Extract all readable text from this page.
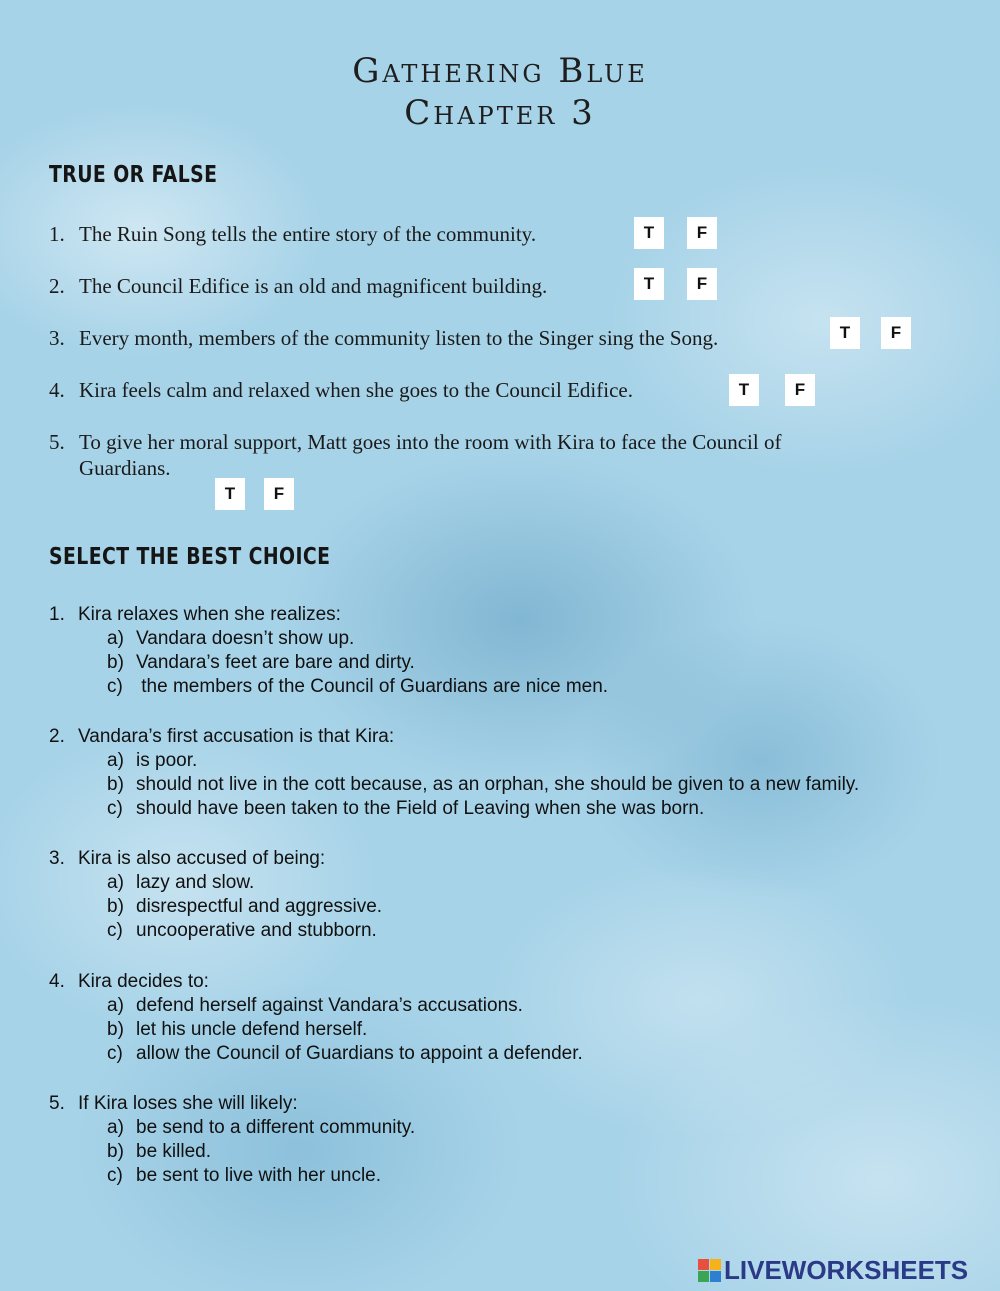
Gathering Blue
Chapter 3
TRUE OR FALSE
1. The Ruin Song tells the entire story of the community.	T	F
2. The Council Edifice is an old and magnificent building.	T	F
3. Every month, members of the community listen to the Singer sing the Song.	T	F
4. Kira feels calm and relaxed when she goes to the Council Edifice.	T	F
5. To give her moral support, Matt goes into the room with Kira to face the Council of
Guardians.
T	F
SELECT THE BEST CHOICE
1. Kira relaxes when she realizes:
a) Vandara doesn’t show up.
b) Vandara’s feet are bare and dirty.
c) the members of the Council of Guardians are nice men.
2. Vandara’s first accusation is that Kira:
a) is poor.
b) should not live in the cott because, as an orphan, she should be given to a new family.
c) should have been taken to the Field of Leaving when she was born.
3. Kira is also accused of being:
a) lazy and slow.
b) disrespectful and aggressive.
c) uncooperative and stubborn.
4. Kira decides to:
a) defend herself against Vandara’s accusations.
b) let his uncle defend herself.
c) allow the Council of Guardians to appoint a defender.
5. If Kira loses she will likely:
a) be send to a different community.
b) be killed.
c) be sent to live with her uncle.
LIVEWORKSHEETS
